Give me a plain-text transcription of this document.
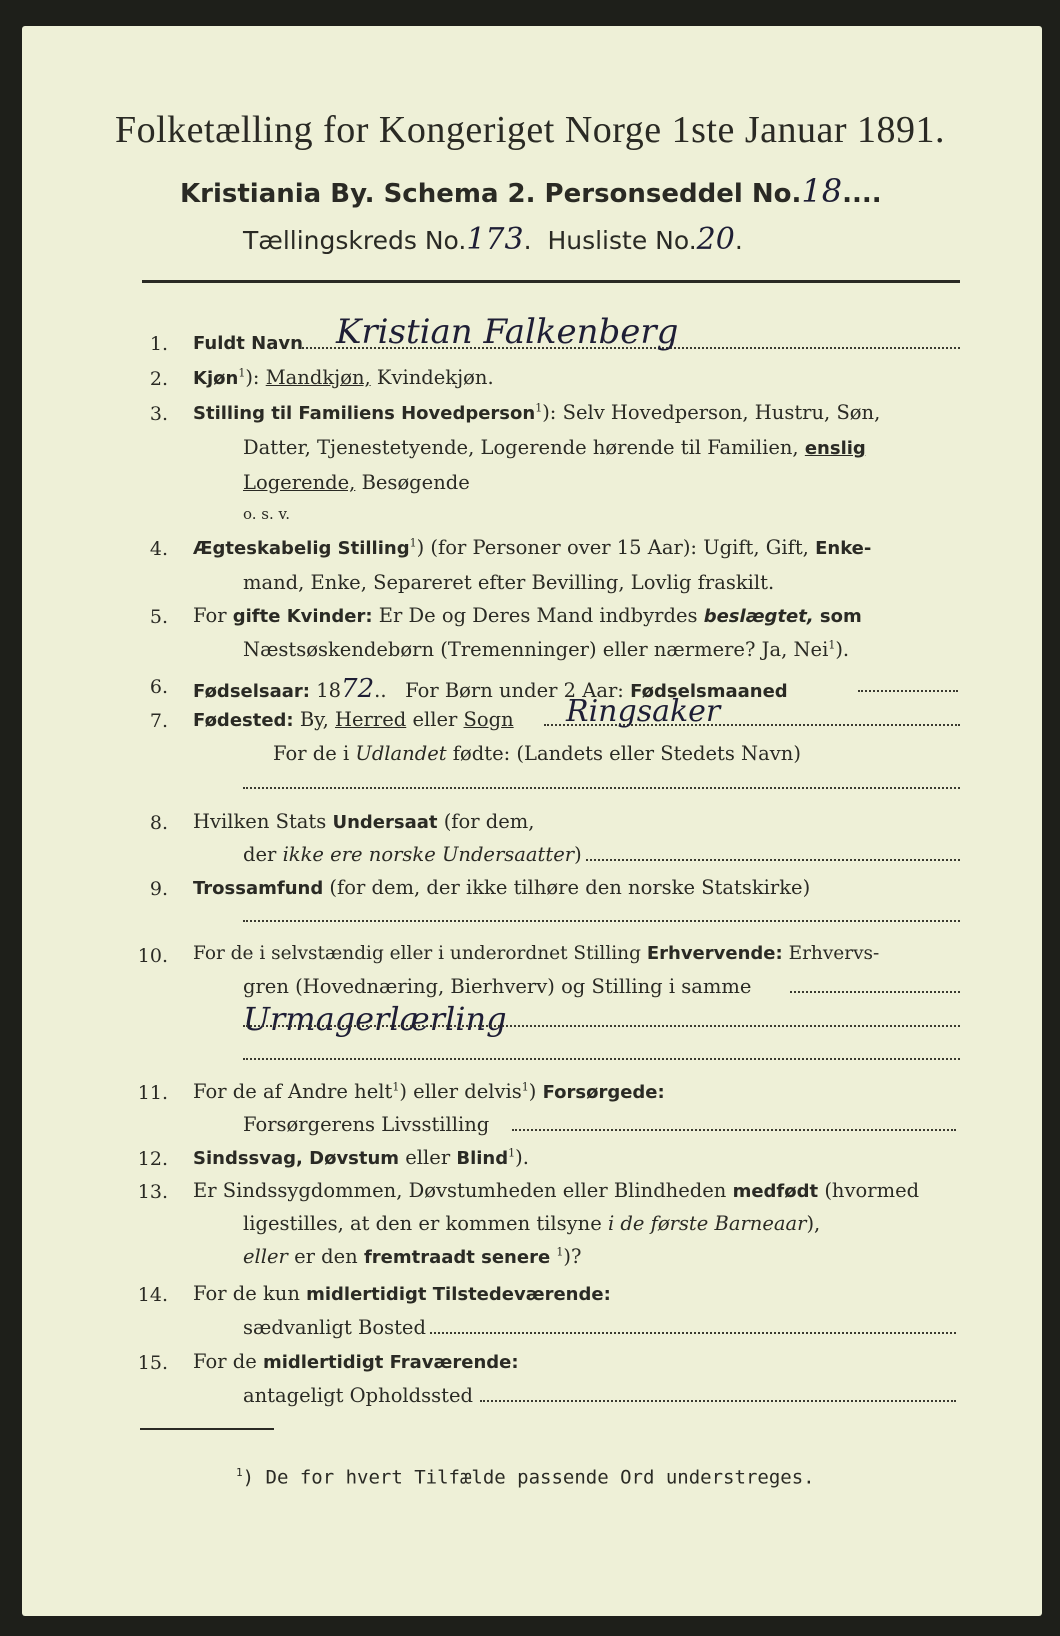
Folketælling for Kongeriget Norge 1ste Januar 1891.
Kristiania By. Schema 2. Personseddel No.18....
Tællingskreds No.173.  Husliste No.20.
1. Fuldt Navn Kristian Falkenberg
2. Kjøn$^1$): Mandkjøn, Kvindekjøn.
3. Stilling til Familiens Hovedperson$^1$): Selv Hovedperson, Hustru, Søn,
Datter, Tjenestetyende, Logerende hørende til Familien, enslig
Logerende, Besøgende
o. s. v.
4. Ægteskabelig Stilling$^1$) (for Personer over 15 Aar): Ugift, Gift, Enke-
mand, Enke, Separeret efter Bevilling, Lovlig fraskilt.
5. For gifte Kvinder: Er De og Deres Mand indbyrdes beslægtet, som
Næstsøskendebørn (Tremenninger) eller nærmere? Ja, Nei$^1$).
6. Fødselsaar: 1872..   For Børn under 2 Aar: Fødselsmaaned
7. Fødested: By, Herred eller Sogn Ringsaker
For de i Udlandet fødte: (Landets eller Stedets Navn)
8. Hvilken Stats Undersaat (for dem,
der ikke ere norske Undersaatter)
9. Trossamfund (for dem, der ikke tilhøre den norske Statskirke)
10. For de i selvstændig eller i underordnet Stilling Erhvervende: Erhvervs-
gren (Hovednæring, Bierhverv) og Stilling i samme
Urmagerlærling
11. For de af Andre helt$^1$) eller delvis$^1$) Forsørgede:
Forsørgerens Livsstilling
12. Sindssvag, Døvstum eller Blind$^1$).
13. Er Sindssygdommen, Døvstumheden eller Blindheden medfødt (hvormed
ligestilles, at den er kommen tilsyne i de første Barneaar),
eller er den fremtraadt senere $^1$)?
14. For de kun midlertidigt Tilstedeværende:
sædvanligt Bosted
15. For de midlertidigt Fraværende:
antageligt Opholdssted
$^1$) De for hvert Tilfælde passende Ord understreges.
